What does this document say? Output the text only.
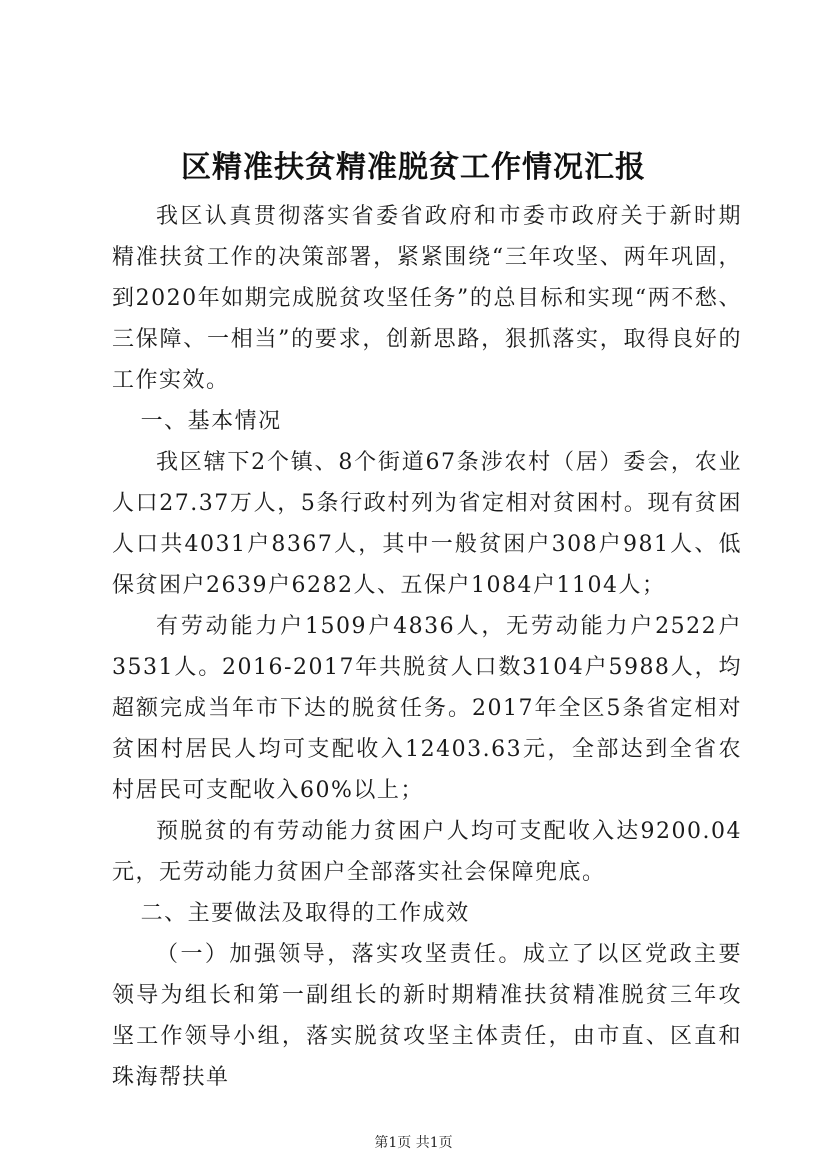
区精准扶贫精准脱贫工作情况汇报

我区认真贯彻落实省委省政府和市委市政府关于新时期精准扶贫工作的决策部署，紧紧围绕“三年攻坚、两年巩固，到2020年如期完成脱贫攻坚任务”的总目标和实现“两不愁、三保障、一相当”的要求，创新思路，狠抓落实，取得良好的工作实效。

一、基本情况

我区辖下2个镇、8个街道67条涉农村（居）委会，农业人口27.37万人，5条行政村列为省定相对贫困村。现有贫困人口共4031户8367人，其中一般贫困户308户981人、低保贫困户2639户6282人、五保户1084户1104人；

有劳动能力户1509户4836人，无劳动能力户2522户3531人。2016-2017年共脱贫人口数3104户5988人，均超额完成当年市下达的脱贫任务。2017年全区5条省定相对贫困村居民人均可支配收入12403.63元，全部达到全省农村居民可支配收入60%以上；

预脱贫的有劳动能力贫困户人均可支配收入达9200.04元，无劳动能力贫困户全部落实社会保障兜底。

二、主要做法及取得的工作成效

（一）加强领导，落实攻坚责任。成立了以区党政主要领导为组长和第一副组长的新时期精准扶贫精准脱贫三年攻坚工作领导小组，落实脱贫攻坚主体责任，由市直、区直和珠海帮扶单

第1页 共1页
